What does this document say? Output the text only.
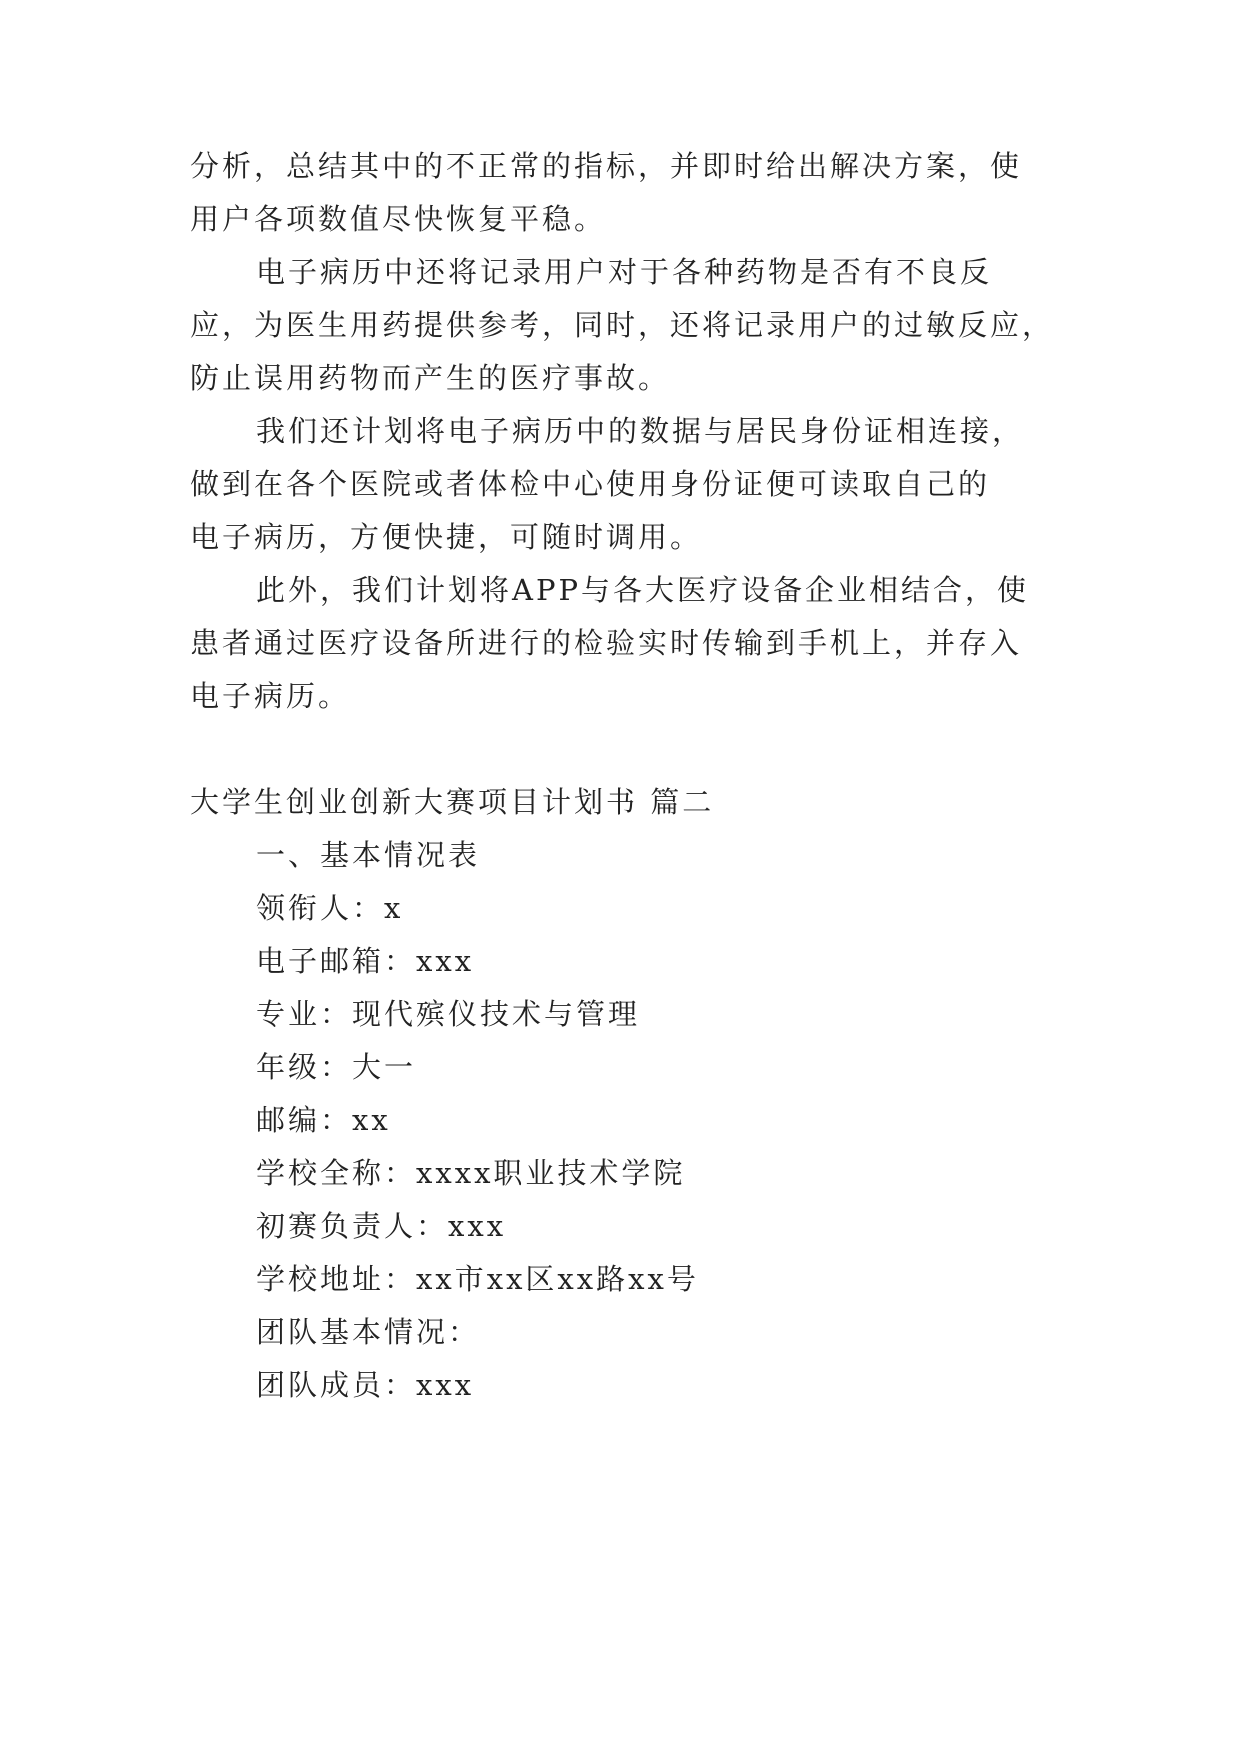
分析，总结其中的不正常的指标，并即时给出解决方案，使
用户各项数值尽快恢复平稳。
电子病历中还将记录用户对于各种药物是否有不良反
应，为医生用药提供参考，同时，还将记录用户的过敏反应，
防止误用药物而产生的医疗事故。
我们还计划将电子病历中的数据与居民身份证相连接，
做到在各个医院或者体检中心使用身份证便可读取自己的
电子病历，方便快捷，可随时调用。
此外，我们计划将APP与各大医疗设备企业相结合，使
患者通过医疗设备所进行的检验实时传输到手机上，并存入
电子病历。
大学生创业创新大赛项目计划书 篇二
一、基本情况表
领衔人：x
电子邮箱：xxx
专业：现代殡仪技术与管理
年级：大一
邮编：xx
学校全称：xxxx职业技术学院
初赛负责人：xxx
学校地址：xx市xx区xx路xx号
团队基本情况：
团队成员：xxx
